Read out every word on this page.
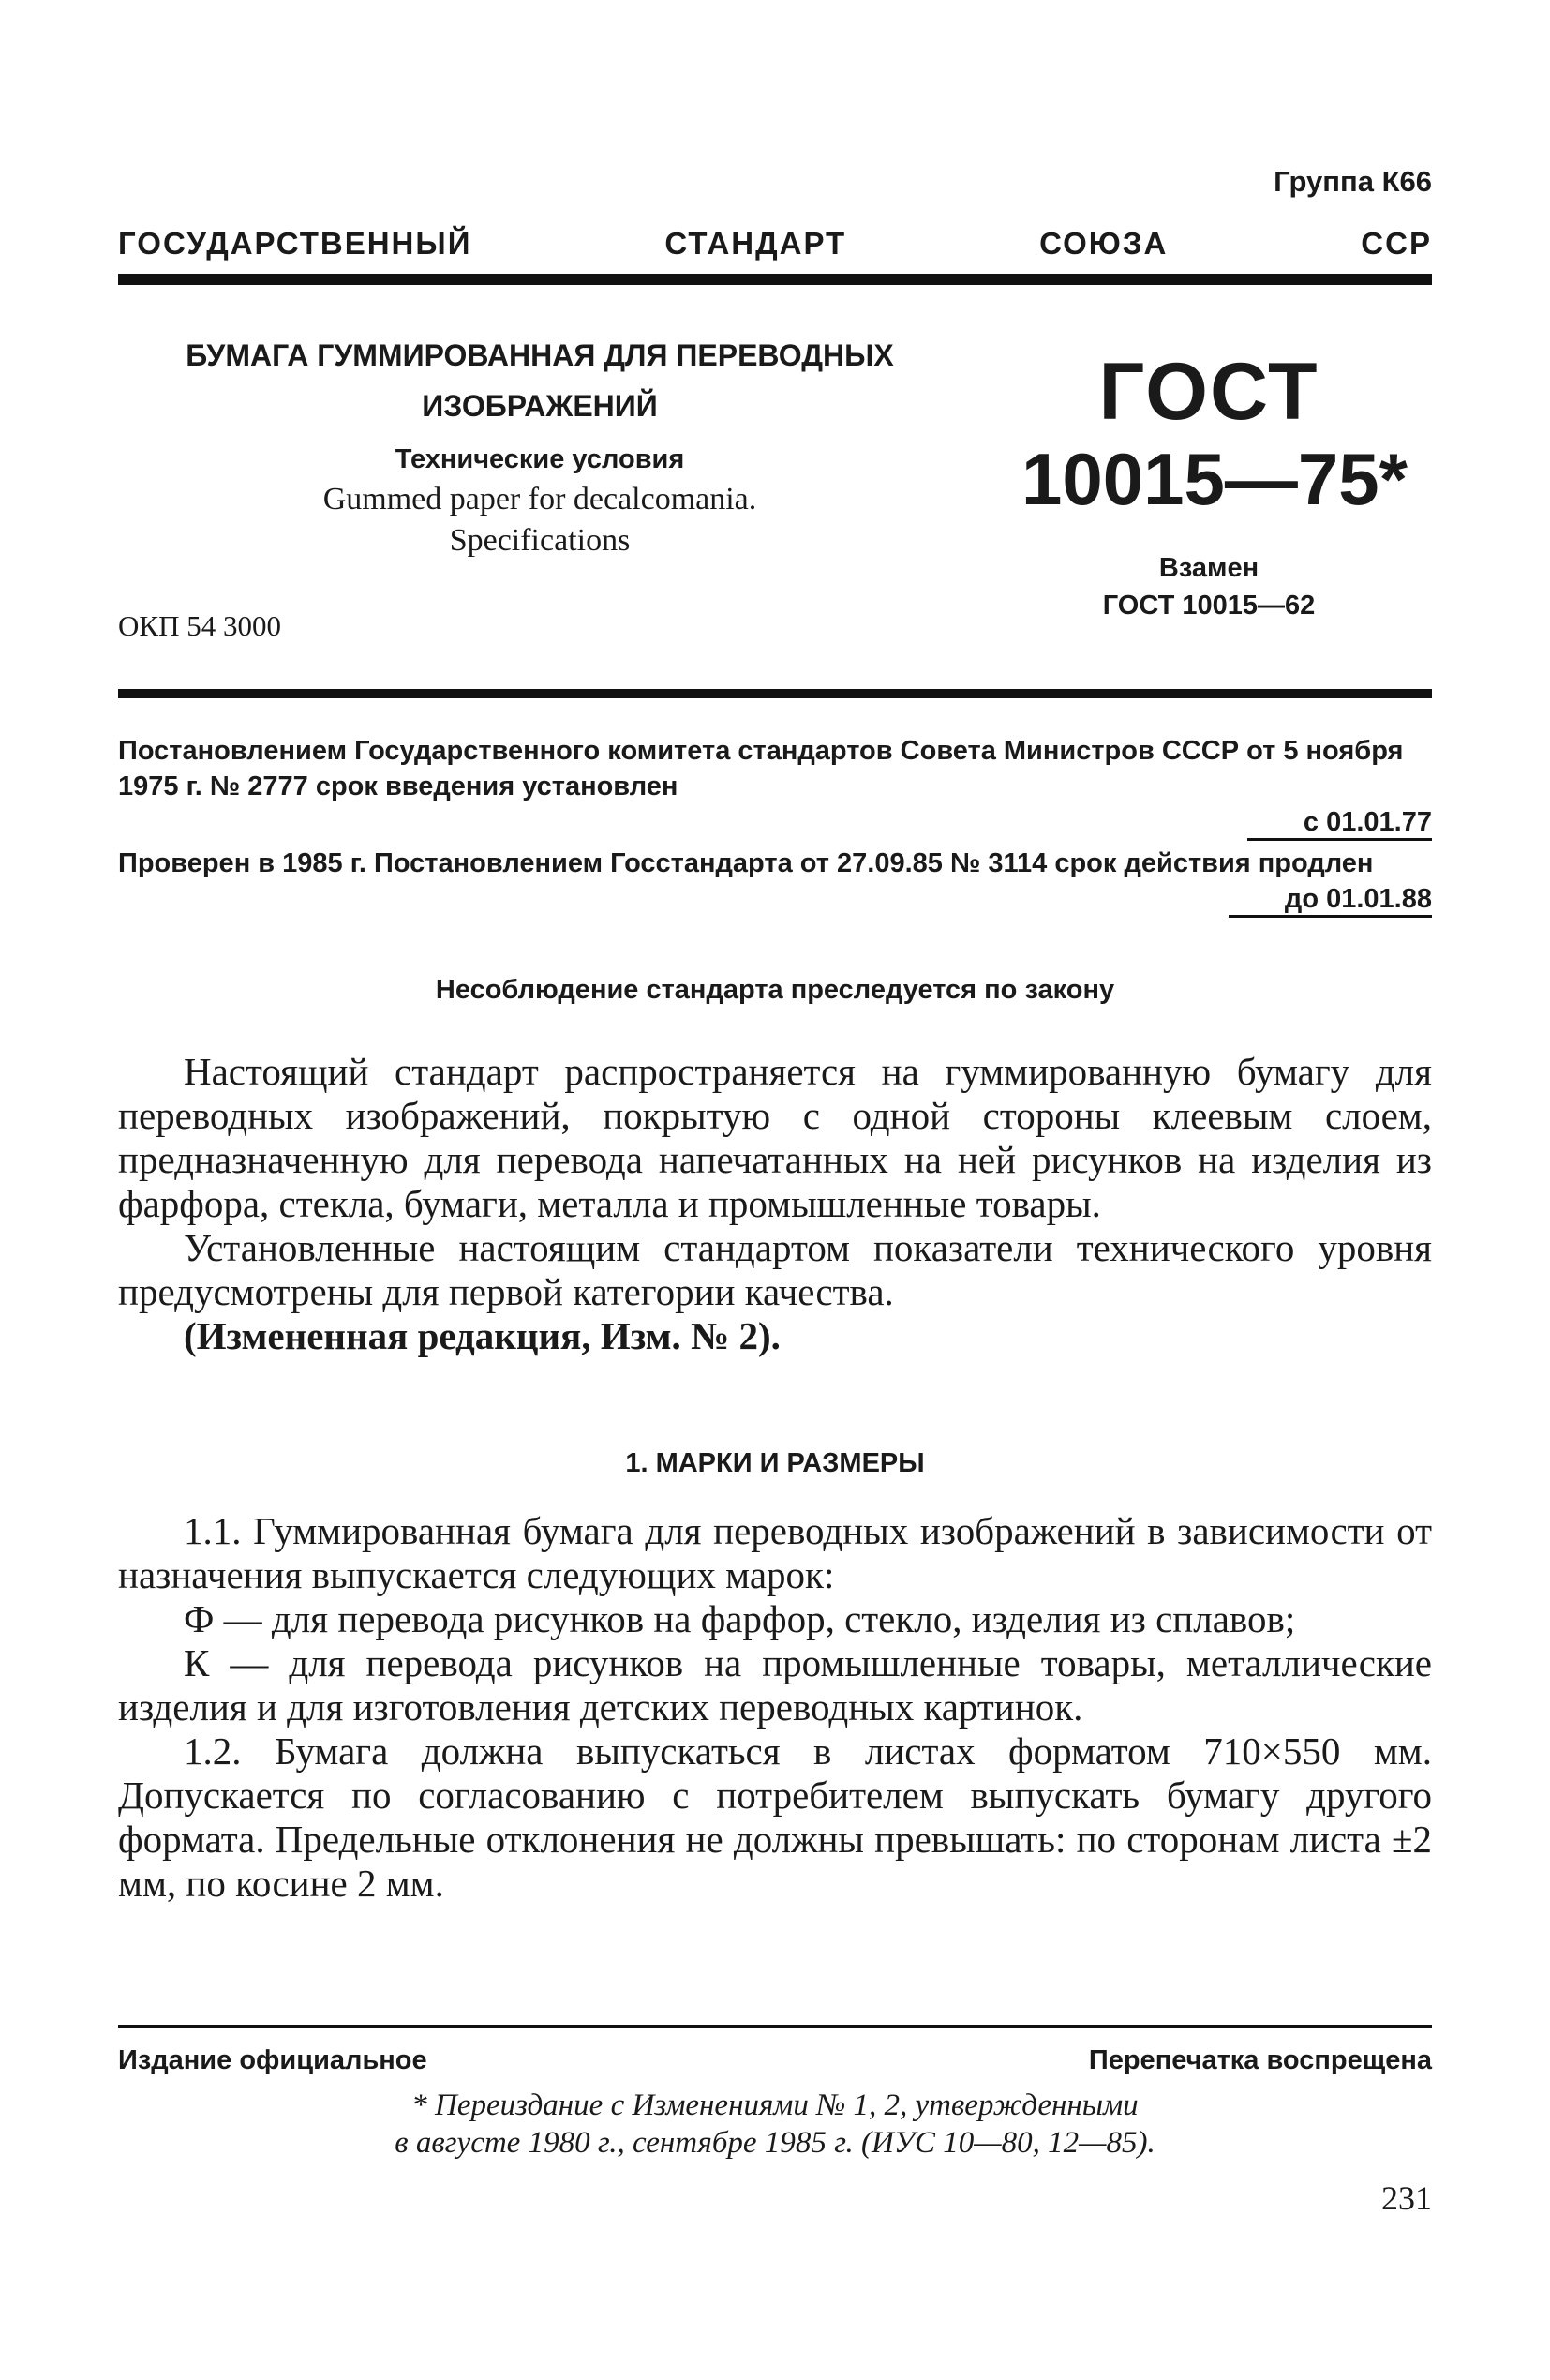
Группа К66
ГОСУДАРСТВЕННЫЙ	СТАНДАРТ	СОЮЗА	ССР
БУМАГА ГУММИРОВАННАЯ ДЛЯ ПЕРЕВОДНЫХ
ИЗОБРАЖЕНИЙ
Технические условия
Gummed paper for decalcomania.
Specifications
ГОСТ
10015—75*
Взамен
ГОСТ 10015—62
ОКП 54 3000
Постановлением Государственного комитета стандартов Совета Министров СССР от 5 ноября 1975 г. № 2777 срок введения установлен
с 01.01.77
Проверен в 1985 г. Постановлением Госстандарта от 27.09.85 № 3114 срок действия продлен
до 01.01.88
Несоблюдение стандарта преследуется по закону

Настоящий стандарт распространяется на гуммированную бумагу для переводных изображений, покрытую с одной стороны клеевым слоем, предназначенную для перевода напечатанных на ней рисунков на изделия из фарфора, стекла, бумаги, металла и промышленные товары.

Установленные настоящим стандартом показатели технического уровня предусмотрены для первой категории качества.

(Измененная редакция, Изм. № 2).
1. МАРКИ И РАЗМЕРЫ

1.1. Гуммированная бумага для переводных изображений в зависимости от назначения выпускается следующих марок:

Ф — для перевода рисунков на фарфор, стекло, изделия из сплавов;

К — для перевода рисунков на промышленные товары, металлические изделия и для изготовления детских переводных картинок.

1.2. Бумага должна выпускаться в листах форматом 710×550 мм. Допускается по согласованию с потребителем выпускать бумагу другого формата. Предельные отклонения не должны превышать: по сторонам листа ±2 мм, по косине 2 мм.

Издание официальное	Перепечатка воспрещена
* Переиздание с Изменениями № 1, 2, утвержденными
в августе 1980 г., сентябре 1985 г. (ИУС 10—80, 12—85).
231
